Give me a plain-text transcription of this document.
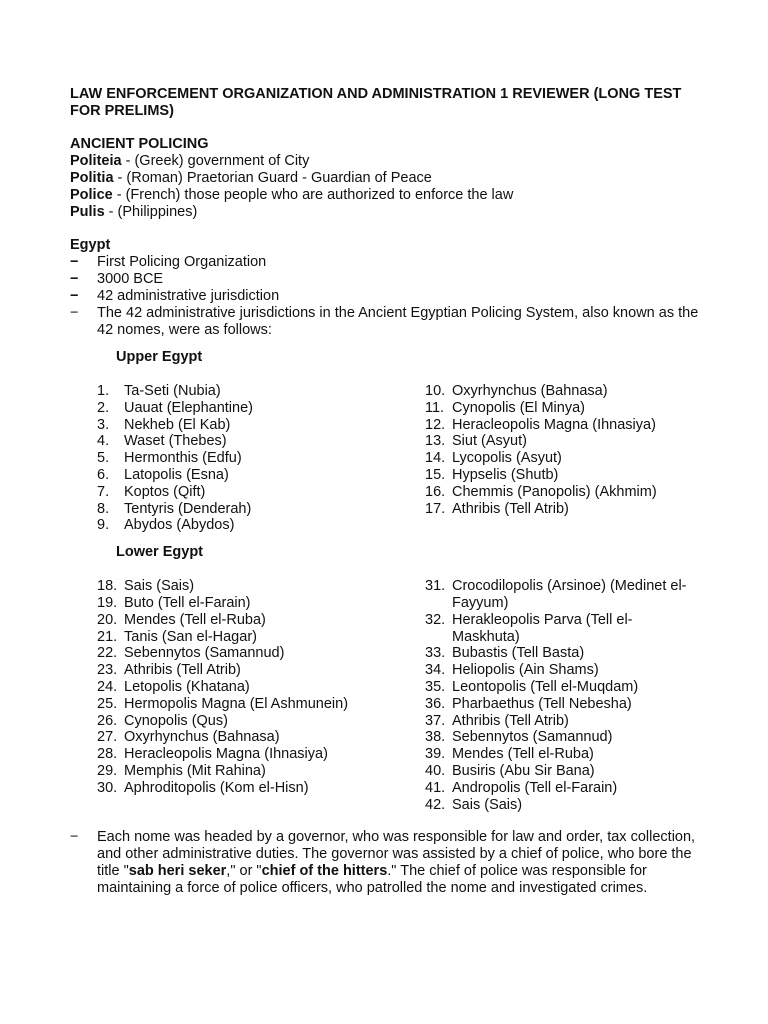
LAW ENFORCEMENT ORGANIZATION AND ADMINISTRATION 1 REVIEWER (LONG TEST FOR PRELIMS)
ANCIENT POLICING
Politeia - (Greek) government of City
Politia - (Roman) Praetorian Guard - Guardian of Peace
Police - (French) those people who are authorized to enforce the law
Pulis - (Philippines)
Egypt
− First Policing Organization
− 3000 BCE
− 42 administrative jurisdiction
− The 42 administrative jurisdictions in the Ancient Egyptian Policing System, also known as the 42 nomes, were as follows:
Upper Egypt
1.	Ta-Seti (Nubia)
2.	Uauat (Elephantine)
3.	Nekheb (El Kab)
4.	Waset (Thebes)
5.	Hermonthis (Edfu)
6.	Latopolis (Esna)
7.	Koptos (Qift)
8.	Tentyris (Denderah)
9.	Abydos (Abydos)
10. Oxyrhynchus (Bahnasa)
11. Cynopolis (El Minya)
12. Heracleopolis Magna (Ihnasiya)
13. Siut (Asyut)
14. Lycopolis (Asyut)
15. Hypselis (Shutb)
16. Chemmis (Panopolis) (Akhmim)
17. Athribis (Tell Atrib)
Lower Egypt
18. Sais (Sais)
19. Buto (Tell el-Farain)
20. Mendes (Tell el-Ruba)
21. Tanis (San el-Hagar)
22. Sebennytos (Samannud)
23. Athribis (Tell Atrib)
24. Letopolis (Khatana)
25. Hermopolis Magna (El Ashmunein)
26. Cynopolis (Qus)
27. Oxyrhynchus (Bahnasa)
28. Heracleopolis Magna (Ihnasiya)
29. Memphis (Mit Rahina)
30. Aphroditopolis (Kom el-Hisn)
31. Crocodilopolis (Arsinoe) (Medinet el-Fayyum)
32. Herakleopolis Parva (Tell el-Maskhuta)
33. Bubastis (Tell Basta)
34. Heliopolis (Ain Shams)
35. Leontopolis (Tell el-Muqdam)
36. Pharbaethus (Tell Nebesha)
37. Athribis (Tell Atrib)
38. Sebennytos (Samannud)
39. Mendes (Tell el-Ruba)
40. Busiris (Abu Sir Bana)
41. Andropolis (Tell el-Farain)
42. Sais (Sais)
− Each nome was headed by a governor, who was responsible for law and order, tax collection, and other administrative duties. The governor was assisted by a chief of police, who bore the title "sab heri seker," or "chief of the hitters." The chief of police was responsible for maintaining a force of police officers, who patrolled the nome and investigated crimes.
